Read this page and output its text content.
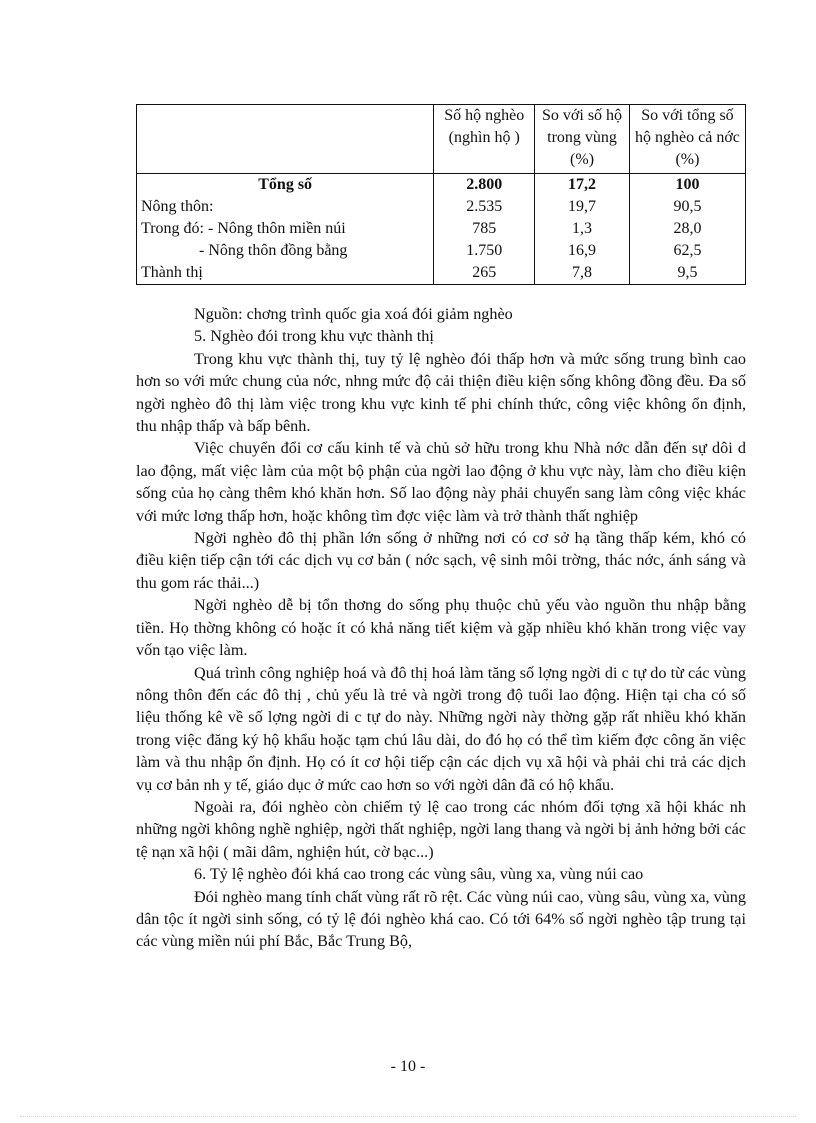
	Số hộ nghèo (nghìn hộ )	So với số hộ trong vùng (%)	So với tổng số hộ nghèo cả nớc (%)
Tổng số	2.800	17,2	100
Nông thôn:	2.535	19,7	90,5
Trong đó: - Nông thôn miền núi	785	1,3	28,0
- Nông thôn đồng bằng	1.750	16,9	62,5
Thành thị	265	7,8	9,5

Nguồn: chơng trình quốc gia xoá đói giảm nghèo

5. Nghèo đói trong khu vực thành thị

Trong khu vực thành thị, tuy tỷ lệ nghèo đói thấp hơn và mức sống trung bình cao hơn so với mức chung của nớc, nhng mức độ cải thiện điều kiện sống không đồng đều. Đa số ngời nghèo đô thị làm việc trong khu vực kinh tế phi chính thức, công việc không ổn định, thu nhập thấp và bấp bênh.

Việc chuyển đổi cơ cấu kinh tế và chủ sở hữu trong khu Nhà nớc dẫn đến sự dôi d lao động, mất việc làm của một bộ phận của ngời lao động ở khu vực này, làm cho điều kiện sống của họ càng thêm khó khăn hơn. Số lao động này phải chuyển sang làm công việc khác với mức lơng thấp hơn, hoặc không tìm đợc việc làm và trở thành thất nghiệp

Ngời nghèo đô thị phần lớn sống ở những nơi có cơ sở hạ tầng thấp kém, khó có điều kiện tiếp cận tới các dịch vụ cơ bản ( nớc sạch, vệ sinh môi trờng, thác nớc, ánh sáng và thu gom rác thải...)

Ngời nghèo dễ bị tổn thơng do sống phụ thuộc chủ yếu vào nguồn thu nhập bằng tiền. Họ thờng không có hoặc ít có khả năng tiết kiệm và gặp nhiều khó khăn trong việc vay vốn tạo việc làm.

Quá trình công nghiệp hoá và đô thị hoá làm tăng số lợng ngời di c tự do từ các vùng nông thôn đến các đô thị , chủ yếu là trẻ và ngời trong độ tuổi lao động. Hiện tại cha có số liệu thống kê về số lợng ngời di c tự do này. Những ngời này thờng gặp rất nhiều khó khăn trong việc đăng ký hộ khẩu hoặc tạm chú lâu dài, do đó họ có thể tìm kiếm đợc công ăn việc làm và thu nhập ổn định. Họ có ít cơ hội tiếp cận các dịch vụ xã hội và phải chi trả các dịch vụ cơ bản nh y tế, giáo dục ở mức cao hơn so với ngời dân đã có hộ khẩu.

Ngoài ra, đói nghèo còn chiếm tỷ lệ cao trong các nhóm đối tợng xã hội khác nh những ngời không nghề nghiệp, ngời thất nghiệp, ngời lang thang và ngời bị ảnh hởng bởi các tệ nạn xã hội ( mãi dâm, nghiện hút, cờ bạc...)

6. Tỷ lệ nghèo đói khá cao trong các vùng sâu, vùng xa, vùng núi cao

Đói nghèo mang tính chất vùng rất rõ rệt. Các vùng núi cao, vùng sâu, vùng xa, vùng dân tộc ít ngời sinh sống, có tỷ lệ đói nghèo khá cao. Có tới 64% số ngời nghèo tập trung tại các vùng miền núi phí Bắc, Bắc Trung Bộ,

- 10 -
